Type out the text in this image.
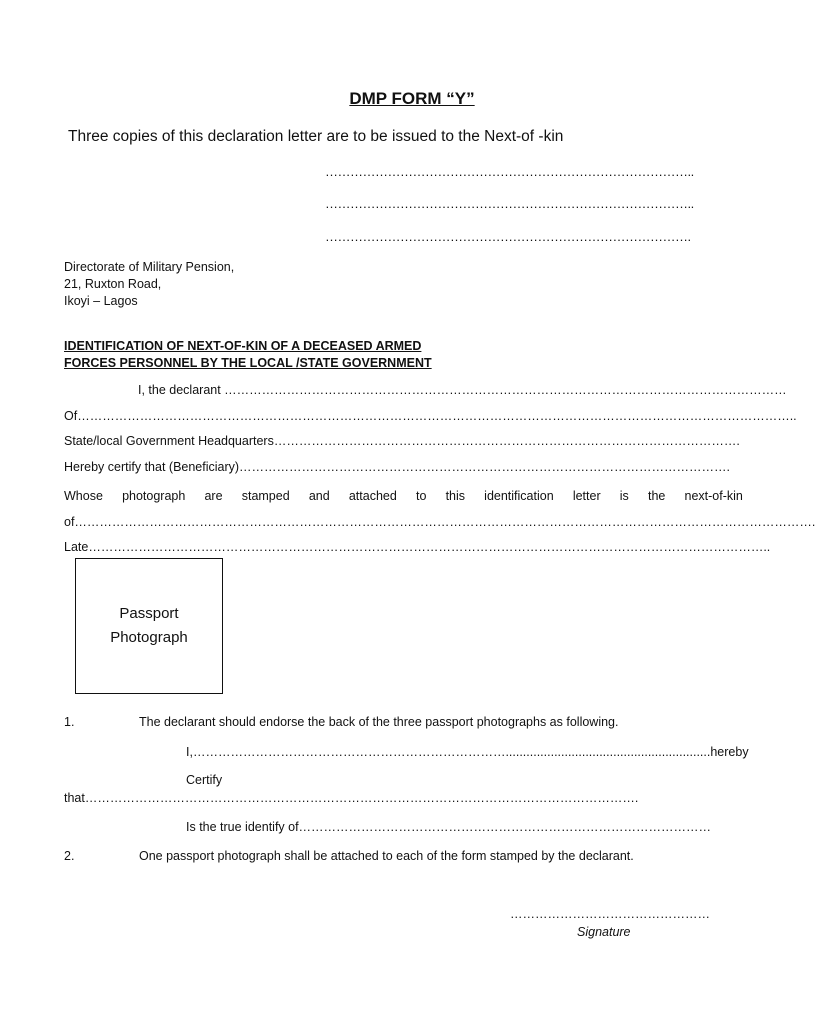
DMP FORM “Y”
Three copies of this declaration letter are to be issued to the Next-of -kin
……………………………………………………………………………..
……………………………………………………………………………..
…………………………………………………………………………….
Directorate of Military Pension,
21, Ruxton Road,
Ikoyi – Lagos
IDENTIFICATION OF NEXT-OF-KIN OF A DECEASED ARMED
FORCES PERSONNEL BY THE LOCAL /STATE GOVERNMENT
I, the declarant ………………………………………………………………………………………………………………………
Of………………………………………………………………………………………………………………………………………………………..
State/local Government Headquarters………………………………………………………………………………………………….
Hereby certify that (Beneficiary)……………………………………………………………………………………………………….
Whose photograph are stamped and attached to this identification letter is the next-of-kin
of…………………………………………………………………………………………………………………………………………………………….
Late………………………………………………………………………………………………………………………………………………..
Passport
Photograph
1.	The declarant should endorse the back of the three passport photographs as following.
I,…………………………………………………………………...........................................................hereby
Certify
that…………………………………………………………………………………………………………………….
Is the true identify of………………………………………………………………………………………
2.	One passport photograph shall be attached to each of the form stamped by the declarant.
…………………………………………
Signature
